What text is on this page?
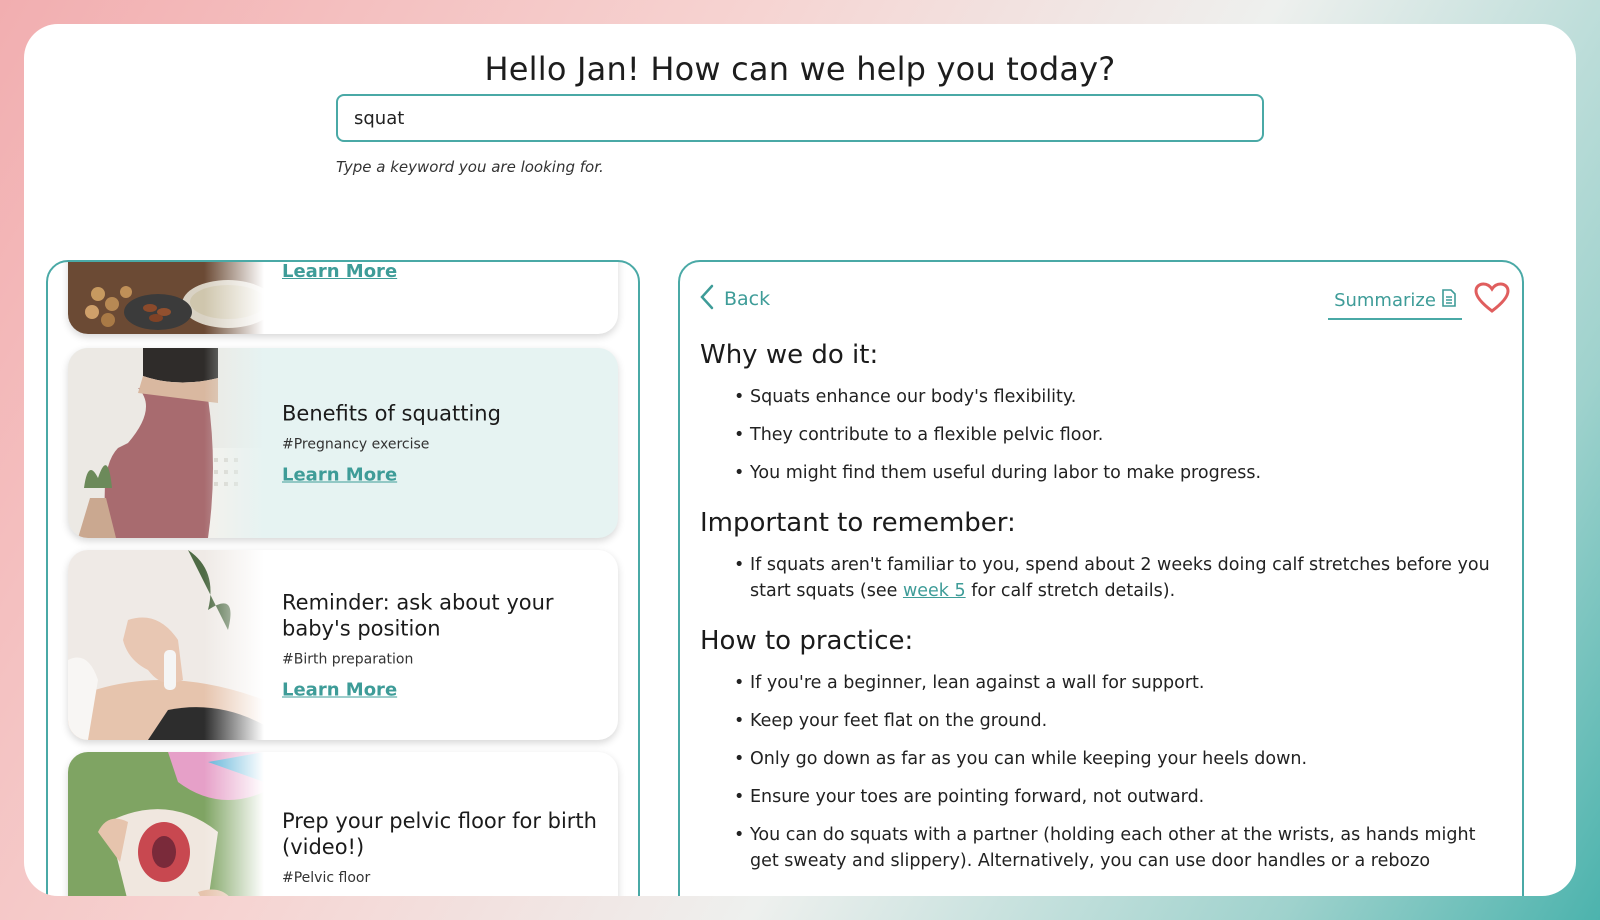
Hello Jan! How can we help you today?
squat
Type a keyword you are looking for.
Learn More
Benefits of squatting
#Pregnancy exercise
Learn More
Reminder: ask about your baby's position
#Birth preparation
Learn More
Prep your pelvic floor for birth (video!)
#Pelvic floor
Back	Summarize
Why we do it:
• Squats enhance our body's flexibility.
• They contribute to a flexible pelvic floor.
• You might find them useful during labor to make progress.
Important to remember:
• If squats aren't familiar to you, spend about 2 weeks doing calf stretches before you start squats (see week 5 for calf stretch details).
How to practice:
• If you're a beginner, lean against a wall for support.
• Keep your feet flat on the ground.
• Only go down as far as you can while keeping your heels down.
• Ensure your toes are pointing forward, not outward.
• You can do squats with a partner (holding each other at the wrists, as hands might get sweaty and slippery). Alternatively, you can use door handles or a rebozo
